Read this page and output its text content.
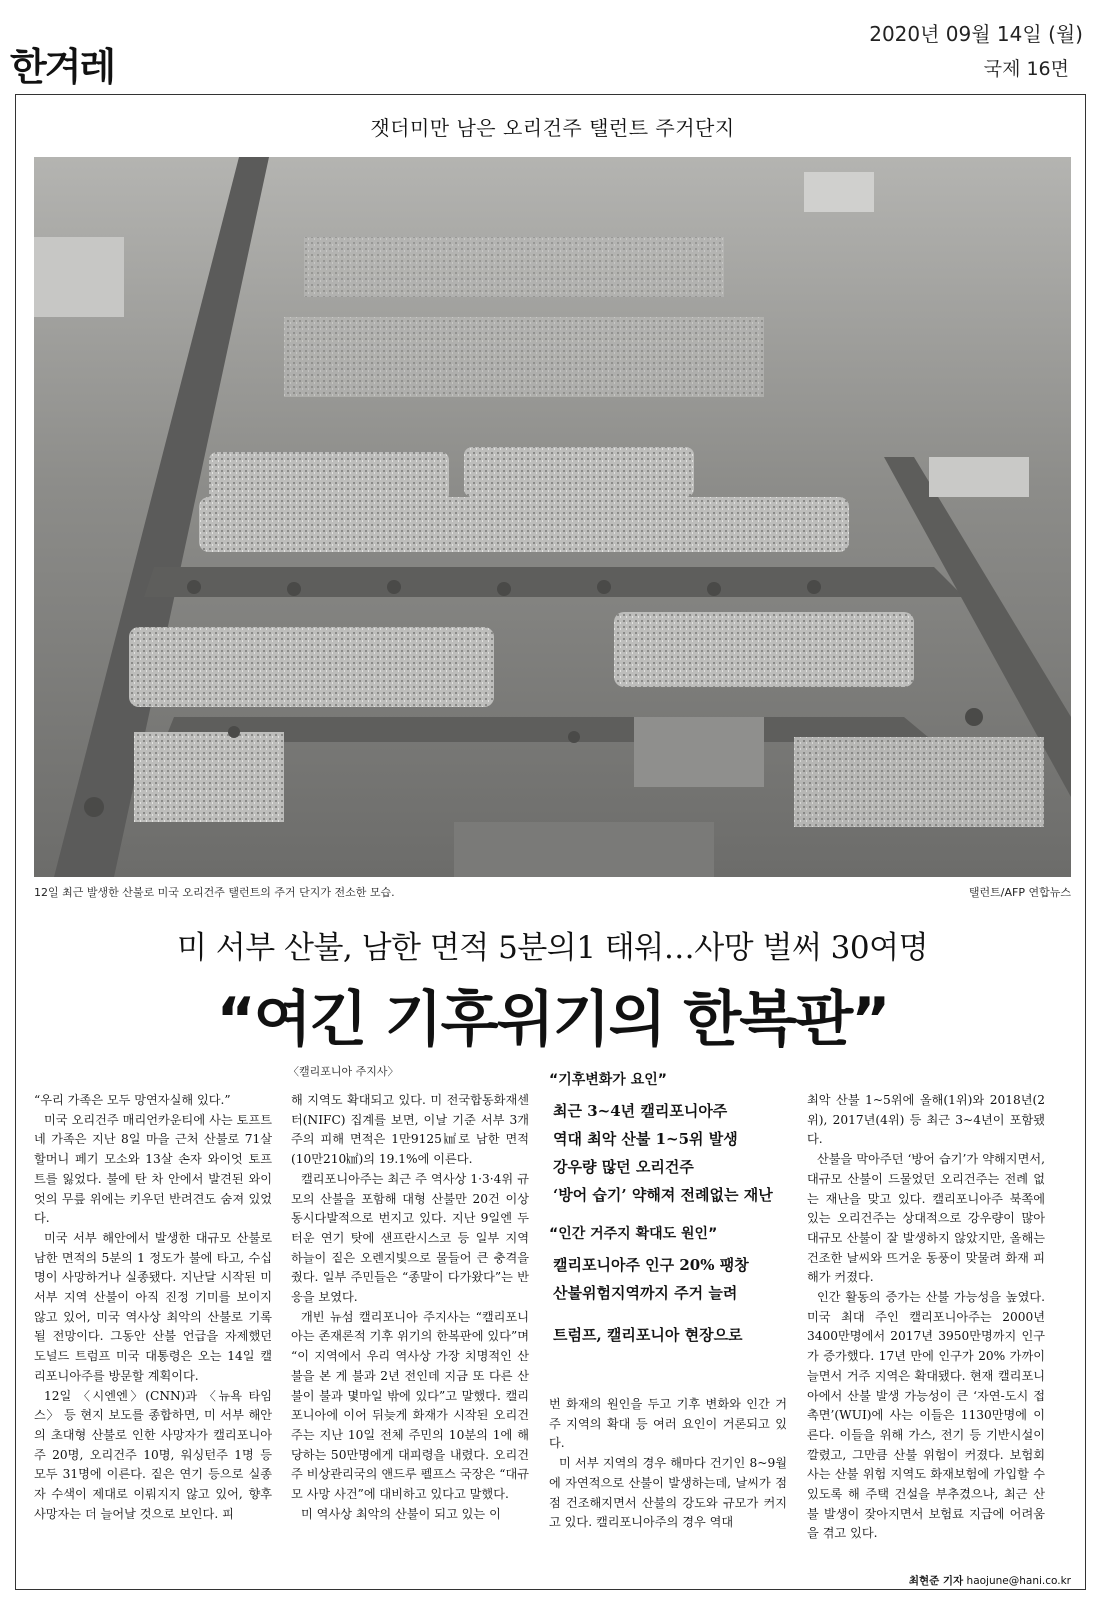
한겨레
2020년 09월 14일 (월)
국제 16면
잿더미만 남은 오리건주 탤런트 주거단지
12일 최근 발생한 산불로 미국 오리건주 탤런트의 주거 단지가 전소한 모습.	탤런트/AFP 연합뉴스
미 서부 산불, 남한 면적 5분의1 태워…사망 벌써 30여명
“여긴 기후위기의 한복판”
〈캘리포니아 주지사〉

“우리 가족은 모두 망연자실해 있다.”

미국 오리건주 매리언카운티에 사는 토프트네 가족은 지난 8일 마을 근처 산불로 71살 할머니 페기 모소와 13살 손자 와이엇 토프트를 잃었다. 불에 탄 차 안에서 발견된 와이엇의 무릎 위에는 키우던 반려견도 숨져 있었다.

미국 서부 해안에서 발생한 대규모 산불로 남한 면적의 5분의 1 정도가 불에 타고, 수십명이 사망하거나 실종됐다. 지난달 시작된 미 서부 지역 산불이 아직 진정 기미를 보이지 않고 있어, 미국 역사상 최악의 산불로 기록될 전망이다. 그동안 산불 언급을 자제했던 도널드 트럼프 미국 대통령은 오는 14일 캘리포니아주를 방문할 계획이다.

12일 〈시엔엔〉(CNN)과 〈뉴욕 타임스〉 등 현지 보도를 종합하면, 미 서부 해안의 초대형 산불로 인한 사망자가 캘리포니아주 20명, 오리건주 10명, 워싱턴주 1명 등 모두 31명에 이른다. 짙은 연기 등으로 실종자 수색이 제대로 이뤄지지 않고 있어, 향후 사망자는 더 늘어날 것으로 보인다. 피

해 지역도 확대되고 있다. 미 전국합동화재센터(NIFC) 집계를 보면, 이날 기준 서부 3개 주의 피해 면적은 1만9125㎢로 남한 면적(10만210㎢)의 19.1%에 이른다.

캘리포니아주는 최근 주 역사상 1·3·4위 규모의 산불을 포함해 대형 산불만 20건 이상 동시다발적으로 번지고 있다. 지난 9일엔 두터운 연기 탓에 샌프란시스코 등 일부 지역 하늘이 짙은 오렌지빛으로 물들어 큰 충격을 줬다. 일부 주민들은 “종말이 다가왔다”는 반응을 보였다.

개빈 뉴섬 캘리포니아 주지사는 “캘리포니아는 존재론적 기후 위기의 한복판에 있다”며 “이 지역에서 우리 역사상 가장 치명적인 산불을 본 게 불과 2년 전인데 지금 또 다른 산불이 불과 몇마일 밖에 있다”고 말했다. 캘리포니아에 이어 뒤늦게 화재가 시작된 오리건주는 지난 10일 전체 주민의 10분의 1에 해당하는 50만명에게 대피령을 내렸다. 오리건주 비상관리국의 앤드루 펠프스 국장은 “대규모 사망 사건”에 대비하고 있다고 말했다.

미 역사상 최악의 산불이 되고 있는 이

“기후변화가 요인”
최근 3~4년 캘리포니아주
역대 최악 산불 1~5위 발생
강우량 많던 오리건주
‘방어 습기’ 약해져 전례없는 재난
“인간 거주지 확대도 원인”
캘리포니아주 인구 20% 팽창
산불위험지역까지 주거 늘려
트럼프, 캘리포니아 현장으로

번 화재의 원인을 두고 기후 변화와 인간 거주 지역의 확대 등 여러 요인이 거론되고 있다.

미 서부 지역의 경우 해마다 건기인 8~9월에 자연적으로 산불이 발생하는데, 날씨가 점점 건조해지면서 산불의 강도와 규모가 커지고 있다. 캘리포니아주의 경우 역대

최악 산불 1~5위에 올해(1위)와 2018년(2위), 2017년(4위) 등 최근 3~4년이 포함됐다.

산불을 막아주던 ‘방어 습기’가 약해지면서, 대규모 산불이 드물었던 오리건주는 전례 없는 재난을 맞고 있다. 캘리포니아주 북쪽에 있는 오리건주는 상대적으로 강우량이 많아 대규모 산불이 잘 발생하지 않았지만, 올해는 건조한 날씨와 뜨거운 동풍이 맞물려 화재 피해가 커졌다.

인간 활동의 증가는 산불 가능성을 높였다. 미국 최대 주인 캘리포니아주는 2000년 3400만명에서 2017년 3950만명까지 인구가 증가했다. 17년 만에 인구가 20% 가까이 늘면서 거주 지역은 확대됐다. 현재 캘리포니아에서 산불 발생 가능성이 큰 ‘자연-도시 접촉면’(WUI)에 사는 이들은 1130만명에 이른다. 이들을 위해 가스, 전기 등 기반시설이 깔렸고, 그만큼 산불 위험이 커졌다. 보험회사는 산불 위험 지역도 화재보험에 가입할 수 있도록 해 주택 건설을 부추겼으나, 최근 산불 발생이 잦아지면서 보험료 지급에 어려움을 겪고 있다.

최현준 기자 haojune@hani.co.kr
